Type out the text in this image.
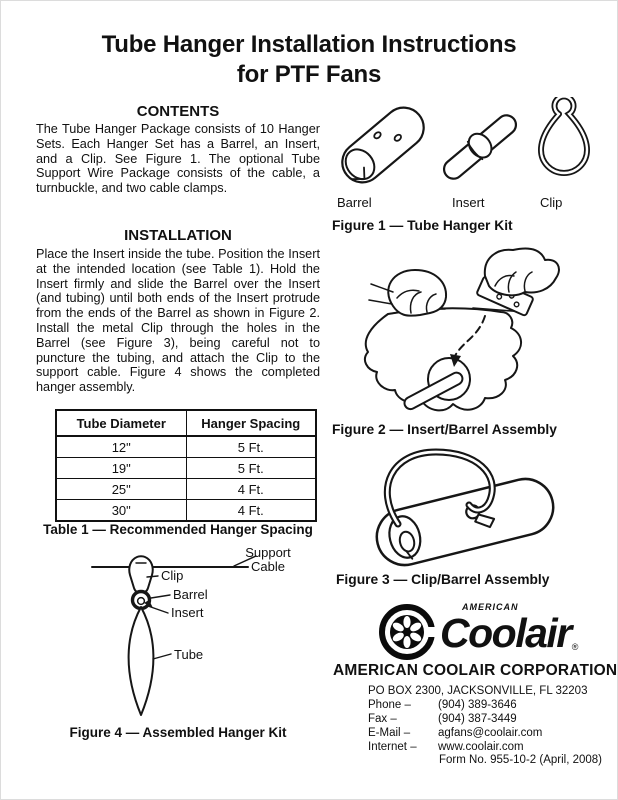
Tube Hanger Installation Instructions
for PTF Fans
CONTENTS
The Tube Hanger Package consists of 10 Hanger Sets. Each Hanger Set has a Barrel, an Insert, and a Clip. See Figure 1. The optional Tube Support Wire Package consists of the cable, a turnbuckle, and two cable clamps.
INSTALLATION
Place the Insert inside the tube. Position the Insert at the intended location (see Table 1). Hold the Insert firmly and slide the Barrel over the Insert (and tubing) until both ends of the Insert protrude from the ends of the Barrel as shown in Figure 2. Install the metal Clip through the holes in the Barrel (see Figure 3), being careful not to puncture the tubing, and attach the Clip to the support cable. Figure 4 shows the completed hanger assembly.
Tube Diameter	Hanger Spacing
12"	5 Ft.
19"	5 Ft.
25"	4 Ft.
30"	4 Ft.
Table 1 — Recommended Hanger Spacing
Support Cable
Clip
Barrel
Insert
Tube
Figure 4 — Assembled Hanger Kit
Barrel	Insert	Clip
Figure 1 — Tube Hanger Kit
Figure 2 — Insert/Barrel Assembly
Figure 3 — Clip/Barrel Assembly
AMERICAN
Coolair ®
AMERICAN COOLAIR CORPORATION
PO BOX 2300, JACKSONVILLE, FL 32203
Phone –	(904) 389-3646
Fax –	(904) 387-3449
E-Mail –	agfans@coolair.com
Internet –	www.coolair.com
Form No. 955-10-2 (April, 2008)
